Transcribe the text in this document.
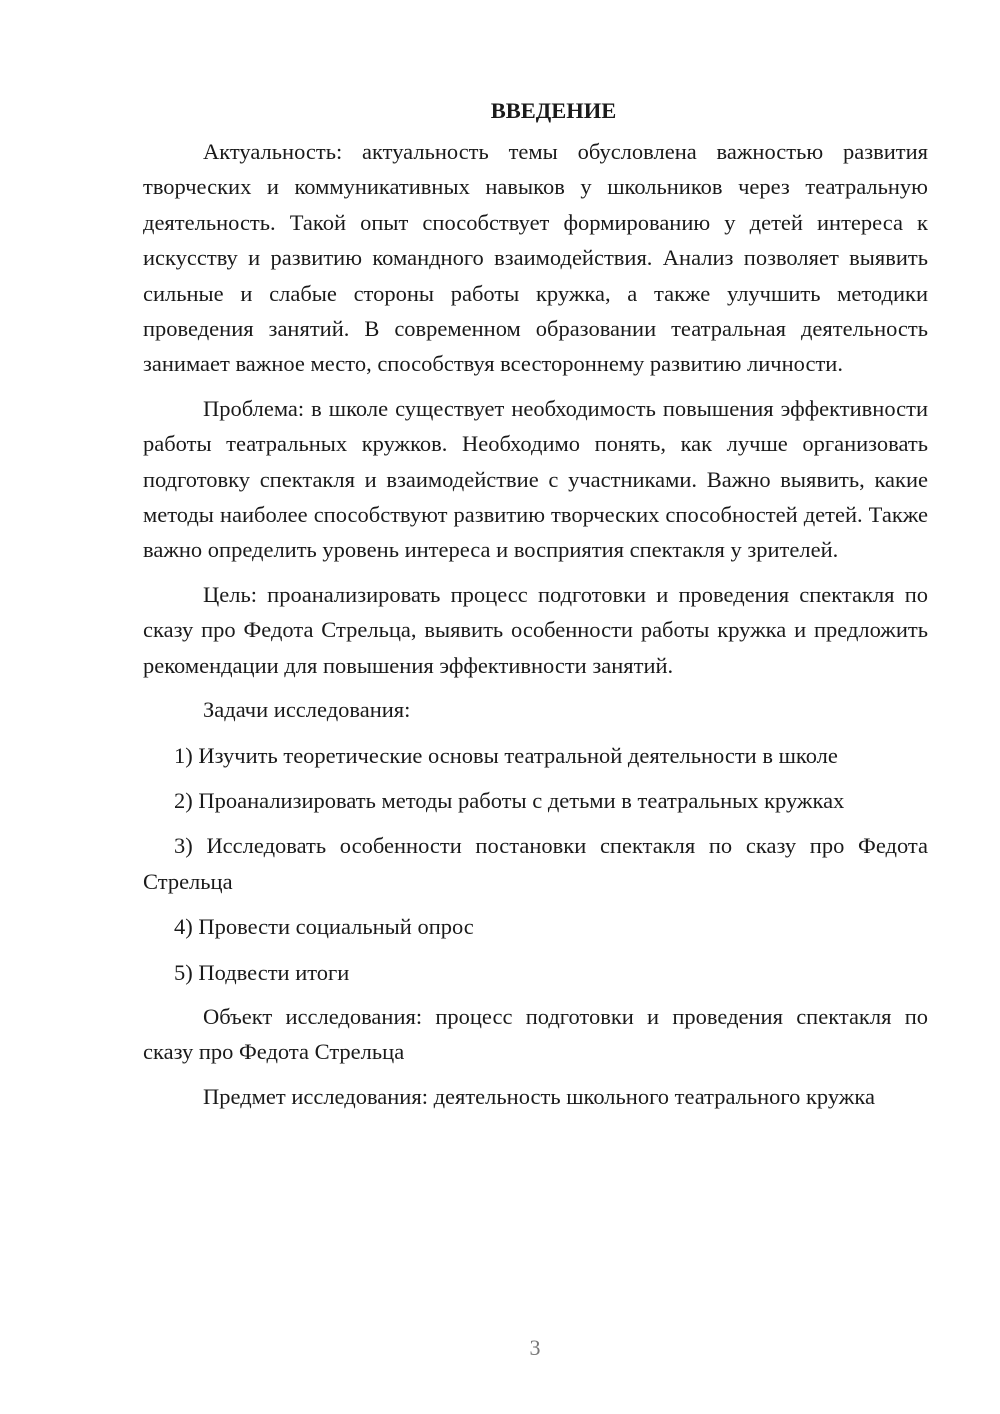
ВВЕДЕНИЕ

Актуальность: актуальность темы обусловлена важностью развития творческих и коммуникативных навыков у школьников через театральную деятельность. Такой опыт способствует формированию у детей интереса к искусству и развитию командного взаимодействия. Анализ позволяет выявить сильные и слабые стороны работы кружка, а также улучшить методики проведения занятий. В современном образовании театральная деятельность занимает важное место, способствуя всестороннему развитию личности.

Проблема: в школе существует необходимость повышения эффективности работы театральных кружков. Необходимо понять, как лучше организовать подготовку спектакля и взаимодействие с участниками. Важно выявить, какие методы наиболее способствуют развитию творческих способностей детей. Также важно определить уровень интереса и восприятия спектакля у зрителей.

Цель: проанализировать процесс подготовки и проведения спектакля по сказу про Федота Стрельца, выявить особенности работы кружка и предложить рекомендации для повышения эффективности занятий.

Задачи исследования:

1) Изучить теоретические основы театральной деятельности в школе

2) Проанализировать методы работы с детьми в театральных кружках

3) Исследовать особенности постановки спектакля по сказу про Федота Стрельца

4) Провести социальный опрос

5) Подвести итоги

Объект исследования: процесс подготовки и проведения спектакля по сказу про Федота Стрельца

Предмет исследования: деятельность школьного театрального кружка

3
